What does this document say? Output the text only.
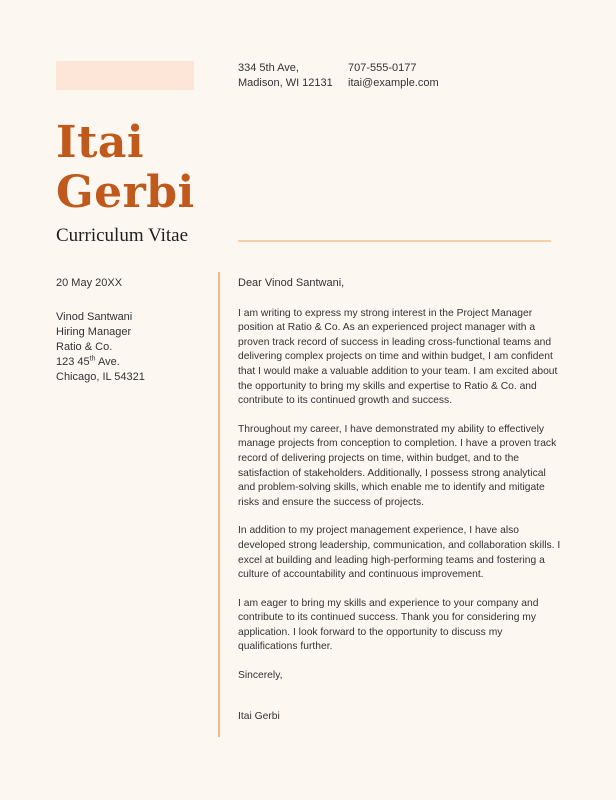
334 5th Ave,
Madison, WI 12131
707-555-0177
itai@example.com
Itai
Gerbi
Curriculum Vitae
20 May 20XX
Vinod Santwani
Hiring Manager
Ratio & Co.
123 45th Ave.
Chicago, IL 54321
Dear Vinod Santwani,

I am writing to express my strong interest in the Project Manager position at Ratio & Co. As an experienced project manager with a proven track record of success in leading cross-functional teams and delivering complex projects on time and within budget, I am confident that I would make a valuable addition to your team. I am excited about the opportunity to bring my skills and expertise to Ratio & Co. and contribute to its continued growth and success.

Throughout my career, I have demonstrated my ability to effectively manage projects from conception to completion. I have a proven track record of delivering projects on time, within budget, and to the satisfaction of stakeholders. Additionally, I possess strong analytical and problem-solving skills, which enable me to identify and mitigate risks and ensure the success of projects.

In addition to my project management experience, I have also developed strong leadership, communication, and collaboration skills. I excel at building and leading high-performing teams and fostering a culture of accountability and continuous improvement.

I am eager to bring my skills and experience to your company and contribute to its continued success. Thank you for considering my application. I look forward to the opportunity to discuss my qualifications further.

Sincerely,
Itai Gerbi
